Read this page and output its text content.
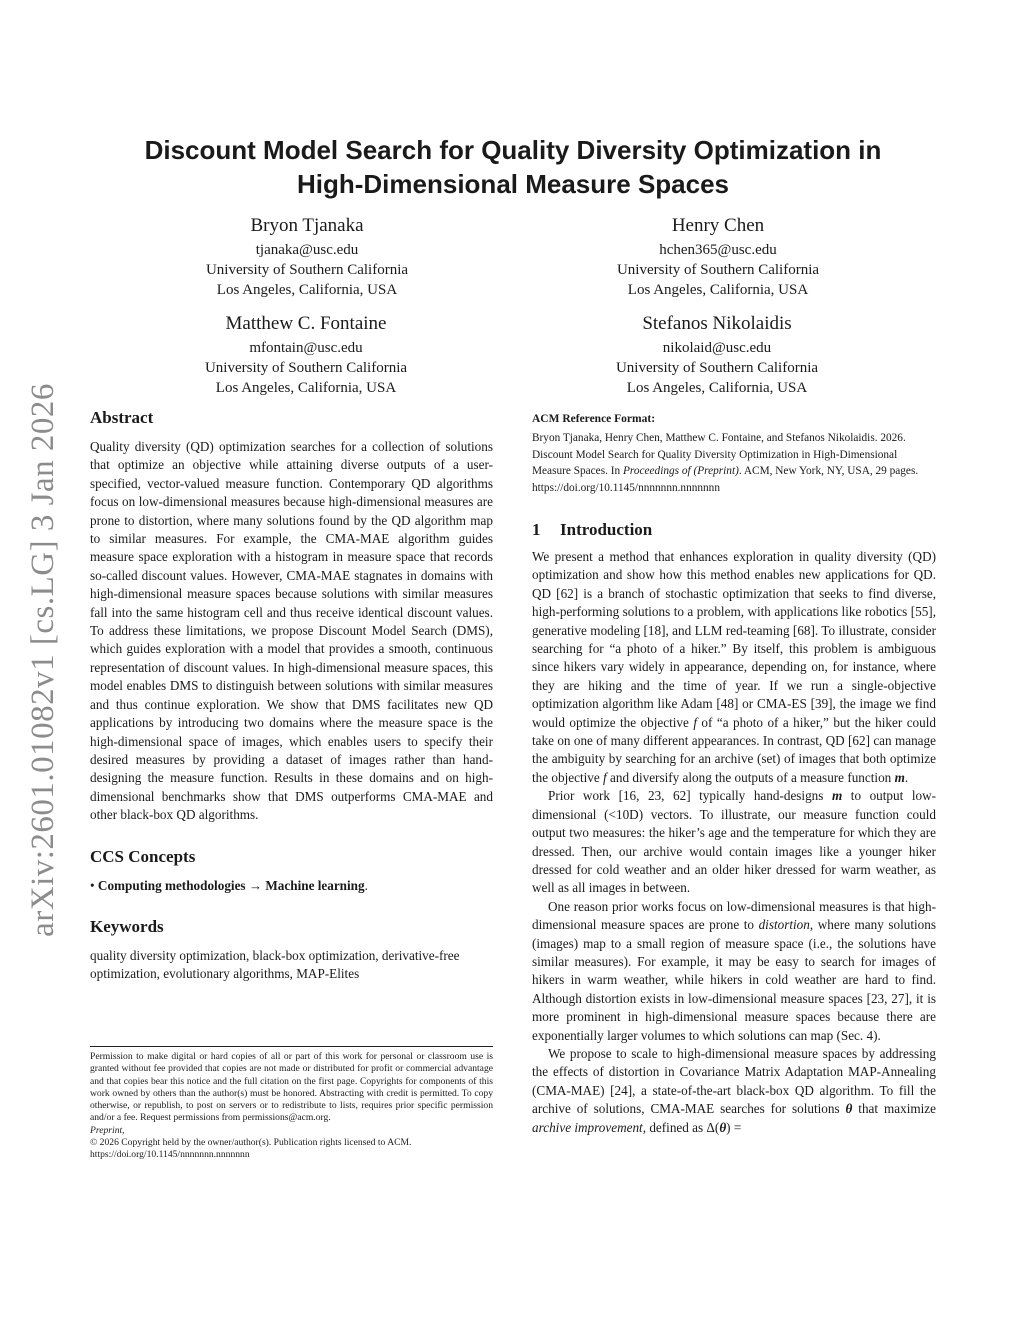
arXiv:2601.01082v1 [cs.LG] 3 Jan 2026
Discount Model Search for Quality Diversity Optimization in
High-Dimensional Measure Spaces
Bryon Tjanaka
tjanaka@usc.edu
University of Southern California
Los Angeles, California, USA
Henry Chen
hchen365@usc.edu
University of Southern California
Los Angeles, California, USA
Matthew C. Fontaine
mfontain@usc.edu
University of Southern California
Los Angeles, California, USA
Stefanos Nikolaidis
nikolaid@usc.edu
University of Southern California
Los Angeles, California, USA
Abstract

Quality diversity (QD) optimization searches for a collection of solutions that optimize an objective while attaining diverse outputs of a user-specified, vector-valued measure function. Contemporary QD algorithms focus on low-dimensional measures because high-dimensional measures are prone to distortion, where many solutions found by the QD algorithm map to similar measures. For example, the CMA-MAE algorithm guides measure space exploration with a histogram in measure space that records so-called discount values. However, CMA-MAE stagnates in domains with high-dimensional measure spaces because solutions with similar measures fall into the same histogram cell and thus receive identical discount values. To address these limitations, we propose Discount Model Search (DMS), which guides exploration with a model that provides a smooth, continuous representation of discount values. In high-dimensional measure spaces, this model enables DMS to distinguish between solutions with similar measures and thus continue exploration. We show that DMS facilitates new QD applications by introducing two domains where the measure space is the high-dimensional space of images, which enables users to specify their desired measures by providing a dataset of images rather than hand-designing the measure function. Results in these domains and on high-dimensional benchmarks show that DMS outperforms CMA-MAE and other black-box QD algorithms.

CCS Concepts

• Computing methodologies → Machine learning.

Keywords

quality diversity optimization, black-box optimization, derivative-free optimization, evolutionary algorithms, MAP-Elites

Permission to make digital or hard copies of all or part of this work for personal or classroom use is granted without fee provided that copies are not made or distributed for profit or commercial advantage and that copies bear this notice and the full citation on the first page. Copyrights for components of this work owned by others than the author(s) must be honored. Abstracting with credit is permitted. To copy otherwise, or republish, to post on servers or to redistribute to lists, requires prior specific permission and/or a fee. Request permissions from permissions@acm.org.

Preprint,

© 2026 Copyright held by the owner/author(s). Publication rights licensed to ACM.

https://doi.org/10.1145/nnnnnnn.nnnnnnn

ACM Reference Format:

Bryon Tjanaka, Henry Chen, Matthew C. Fontaine, and Stefanos Nikolaidis. 2026. Discount Model Search for Quality Diversity Optimization in High-Dimensional Measure Spaces. In Proceedings of (Preprint). ACM, New York, NY, USA, 29 pages. https://doi.org/10.1145/nnnnnnn.nnnnnnn

1 Introduction

We present a method that enhances exploration in quality diversity (QD) optimization and show how this method enables new applications for QD. QD [62] is a branch of stochastic optimization that seeks to find diverse, high-performing solutions to a problem, with applications like robotics [55], generative modeling [18], and LLM red-teaming [68]. To illustrate, consider searching for “a photo of a hiker.” By itself, this problem is ambiguous since hikers vary widely in appearance, depending on, for instance, where they are hiking and the time of year. If we run a single-objective optimization algorithm like Adam [48] or CMA-ES [39], the image we find would optimize the objective f of “a photo of a hiker,” but the hiker could take on one of many different appearances. In contrast, QD [62] can manage the ambiguity by searching for an archive (set) of images that both optimize the objective f and diversify along the outputs of a measure function m.

Prior work [16, 23, 62] typically hand-designs m to output low-dimensional (<10D) vectors. To illustrate, our measure function could output two measures: the hiker’s age and the temperature for which they are dressed. Then, our archive would contain images like a younger hiker dressed for cold weather and an older hiker dressed for warm weather, as well as all images in between.

One reason prior works focus on low-dimensional measures is that high-dimensional measure spaces are prone to distortion, where many solutions (images) map to a small region of measure space (i.e., the solutions have similar measures). For example, it may be easy to search for images of hikers in warm weather, while hikers in cold weather are hard to find. Although distortion exists in low-dimensional measure spaces [23, 27], it is more prominent in high-dimensional measure spaces because there are exponentially larger volumes to which solutions can map (Sec. 4).

We propose to scale to high-dimensional measure spaces by addressing the effects of distortion in Covariance Matrix Adaptation MAP-Annealing (CMA-MAE) [24], a state-of-the-art black-box QD algorithm. To fill the archive of solutions, CMA-MAE searches for solutions θ that maximize archive improvement, defined as Δ(θ) =
